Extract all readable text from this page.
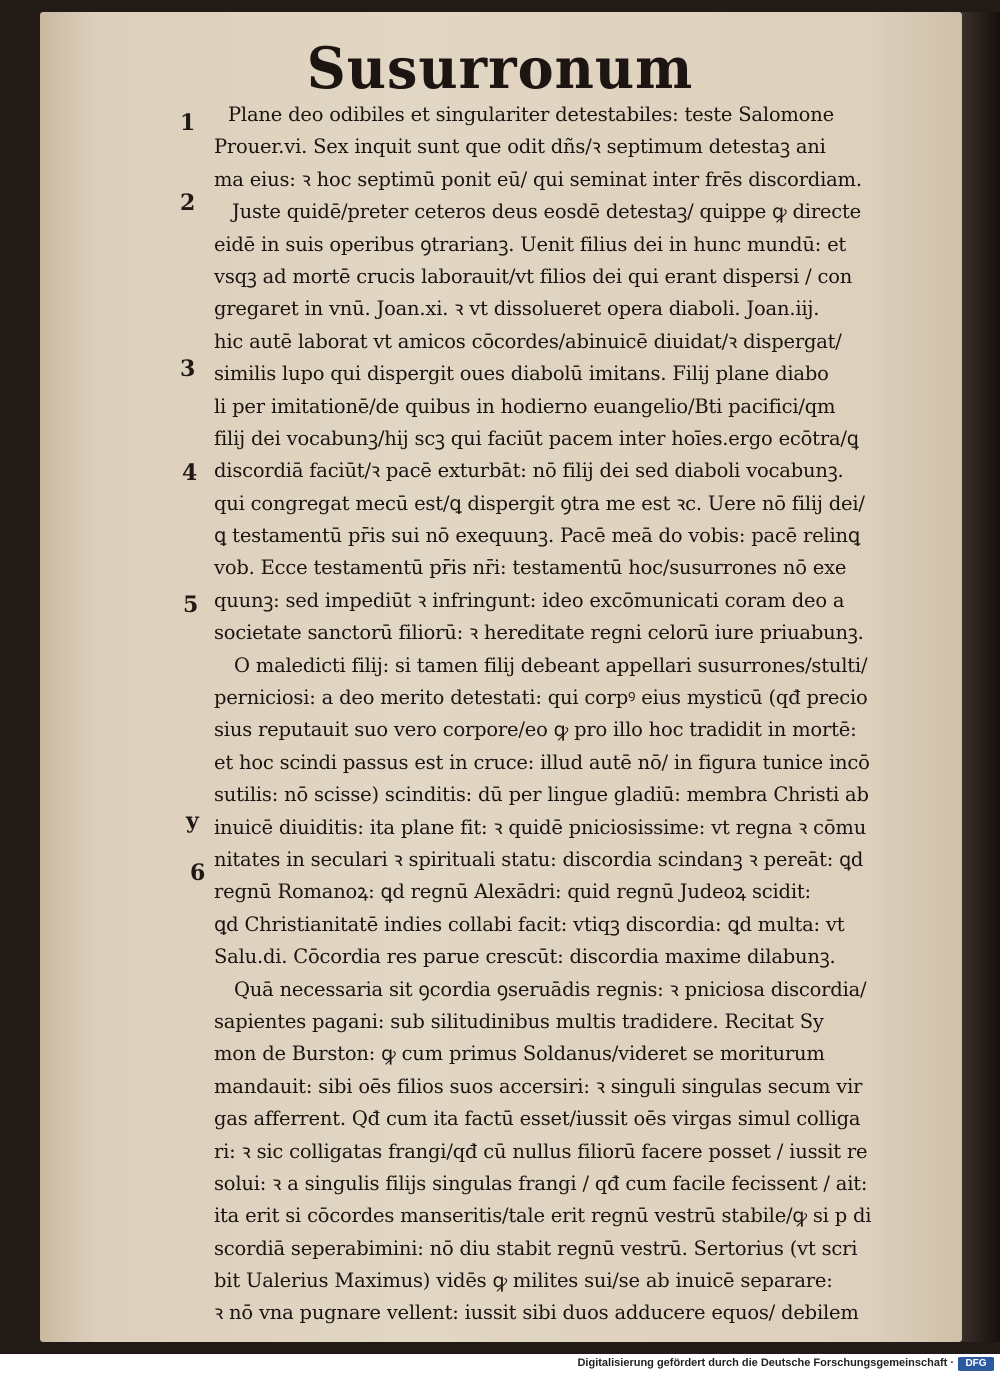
Susurronum
1
2
3
4
5
y
6
Plane deo odibiles et singulariter detestabiles: teste Salomone
Prouer.vi. Sex inquit sunt que odit dñs/ꝛ septimum detestaꝫ ani
ma eius: ꝛ hoc septimū ponit eū/ qui seminat inter frēs discordiam.
Juste quidē/preter ceteros deus eosdē detestaꝫ/ quippe ꝙ directe
eidē in suis operibus ꝯtrarianꝫ. Uenit filius dei in hunc mundū: et
vsqꝫ ad mortē crucis laborauit/vt filios dei qui erant dispersi / con
gregaret in vnū. Joan.xi. ꝛ vt dissolueret opera diaboli. Joan.iij.
hic autē laborat vt amicos cōcordes/abinuicē diuidat/ꝛ dispergat/
similis lupo qui dispergit oues diabolū imitans. Filij plane diabo
li per imitationē/de quibus in hodierno euangelio/Bti pacifici/qm
filij dei vocabunꝫ/hij scꝫ qui faciūt pacem inter hoīes.ergo ecōtra/ꝗ
discordiā faciūt/ꝛ pacē exturbāt: nō filij dei sed diaboli vocabunꝫ.
qui congregat mecū est/ꝗ dispergit ꝯtra me est ꝛc. Uere nō filij dei/
ꝗ testamentū pr̄is sui nō exequunꝫ. Pacē meā do vobis: pacē relinꝗ
vob. Ecce testamentū pr̄is nr̄i: testamentū hoc/susurrones nō exe
quunꝫ: sed impediūt ꝛ infringunt: ideo excōmunicati coram deo a
societate sanctorū filiorū: ꝛ hereditate regni celorū iure priuabunꝫ.
O maledicti filij: si tamen filij debeant appellari susurrones/stulti/
perniciosi: a deo merito detestati: qui corpꝰ eius mysticū (qđ precio
sius reputauit suo vero corpore/eo ꝙ pro illo hoc tradidit in mortē:
et hoc scindi passus est in cruce: illud autē nō/ in figura tunice incō
sutilis: nō scisse) scinditis: dū per lingue gladiū: membra Christi ab
inuicē diuiditis: ita plane fit: ꝛ quidē pniciosissime: vt regna ꝛ cōmu
nitates in seculari ꝛ spirituali statu: discordia scindanꝫ ꝛ pereāt: ꝗd
regnū Romanoꝝ: ꝗd regnū Alexādri: quid regnū Judeoꝝ scidit:
ꝗd Christianitatē indies collabi facit: vtiqꝫ discordia: ꝗd multa: vt
Salu.di. Cōcordia res parue crescūt: discordia maxime dilabunꝫ.
Quā necessaria sit ꝯcordia ꝯseruādis regnis: ꝛ pniciosa discordia/
sapientes pagani: sub silitudinibus multis tradidere. Recitat Sy
mon de Burston: ꝙ cum primus Soldanus/videret se moriturum
mandauit: sibi oēs filios suos accersiri: ꝛ singuli singulas secum vir
gas afferrent. Qđ cum ita factū esset/iussit oēs virgas simul colliga
ri: ꝛ sic colligatas frangi/qđ cū nullus filiorū facere posset / iussit re
solui: ꝛ a singulis filijs singulas frangi / qđ cum facile fecissent / ait:
ita erit si cōcordes manseritis/tale erit regnū vestrū stabile/ꝙ si p di
scordiā seperabimini: nō diu stabit regnū vestrū. Sertorius (vt scri
bit Ualerius Maximus) vidēs ꝙ milites sui/se ab inuicē separare:
ꝛ nō vna pugnare vellent: iussit sibi duos adducere equos/ debilem
Digitalisierung gefördert durch die Deutsche Forschungsgemeinschaft ·	DFG
